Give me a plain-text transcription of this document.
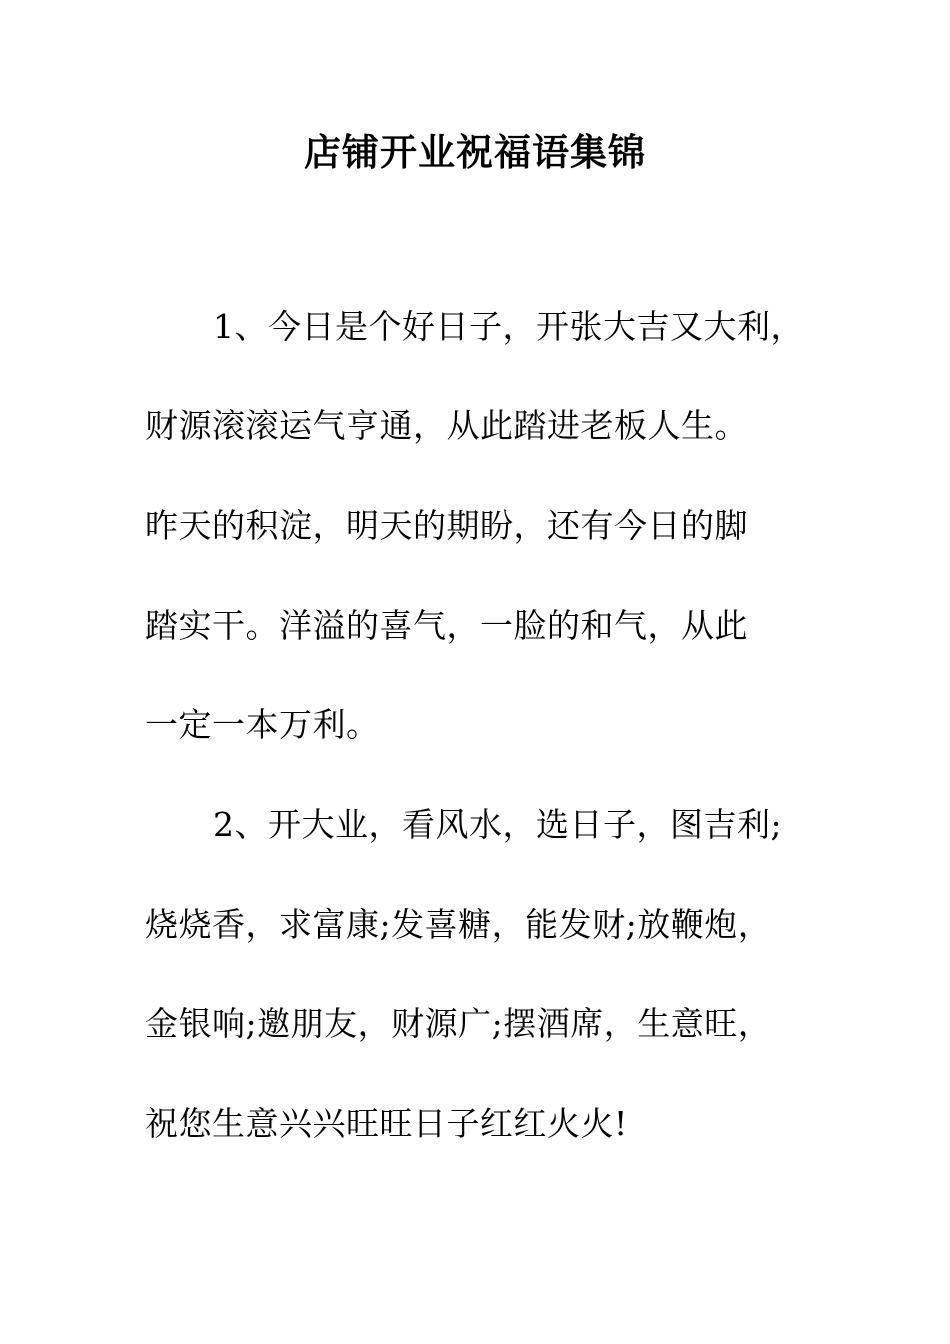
店铺开业祝福语集锦
1、今日是个好日子，开张大吉又大利，
财源滚滚运气亨通，从此踏进老板人生。
昨天的积淀，明天的期盼，还有今日的脚
踏实干。洋溢的喜气，一脸的和气，从此
一定一本万利。
2、开大业，看风水，选日子，图吉利;
烧烧香，求富康;发喜糖，能发财;放鞭炮，
金银响;邀朋友，财源广;摆酒席，生意旺，
祝您生意兴兴旺旺日子红红火火!
